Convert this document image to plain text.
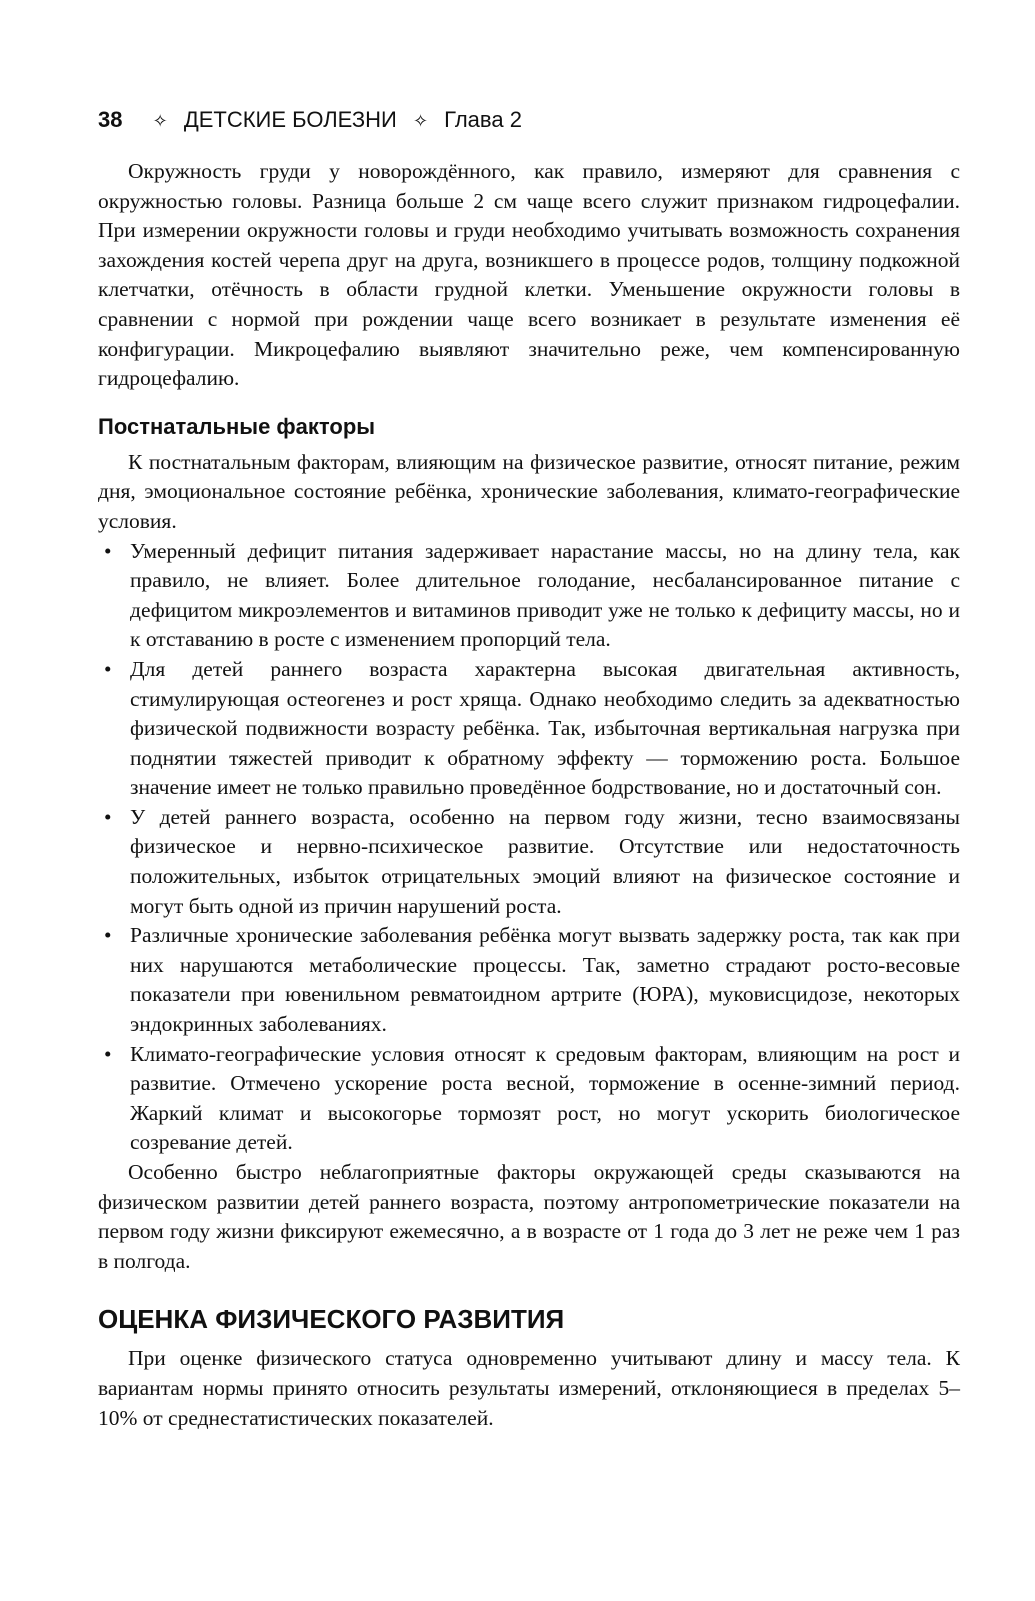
38 ✧ ДЕТСКИЕ БОЛЕЗНИ ✧ Глава 2

Окружность груди у новорождённого, как правило, измеряют для сравнения с окружностью головы. Разница больше 2 см чаще всего служит признаком гидроцефалии. При измерении окружности головы и груди необходимо учитывать возможность сохранения захождения костей черепа друг на друга, возникшего в процессе родов, толщину подкожной клетчатки, отёчность в области грудной клетки. Уменьшение окружности головы в сравнении с нормой при рождении чаще всего возникает в результате изменения её конфигурации. Микроцефалию выявляют значительно реже, чем компенсированную гидроцефалию.

Постнатальные факторы

К постнатальным факторам, влияющим на физическое развитие, относят питание, режим дня, эмоциональное состояние ребёнка, хронические заболевания, климато-географические условия.

• Умеренный дефицит питания задерживает нарастание массы, но на длину тела, как правило, не влияет. Более длительное голодание, несбалансированное питание с дефицитом микроэлементов и витаминов приводит уже не только к дефициту массы, но и к отставанию в росте с изменением пропорций тела.
• Для детей раннего возраста характерна высокая двигательная активность, стимулирующая остеогенез и рост хряща. Однако необходимо следить за адекватностью физической подвижности возрасту ребёнка. Так, избыточная вертикальная нагрузка при поднятии тяжестей приводит к обратному эффекту — торможению роста. Большое значение имеет не только правильно проведённое бодрствование, но и достаточный сон.
• У детей раннего возраста, особенно на первом году жизни, тесно взаимосвязаны физическое и нервно-психическое развитие. Отсутствие или недостаточность положительных, избыток отрицательных эмоций влияют на физическое состояние и могут быть одной из причин нарушений роста.
• Различные хронические заболевания ребёнка могут вызвать задержку роста, так как при них нарушаются метаболические процессы. Так, заметно страдают росто-весовые показатели при ювенильном ревматоидном артрите (ЮРА), муковисцидозе, некоторых эндокринных заболеваниях.
• Климато-географические условия относят к средовым факторам, влияющим на рост и развитие. Отмечено ускорение роста весной, торможение в осенне-зимний период. Жаркий климат и высокогорье тормозят рост, но могут ускорить биологическое созревание детей.

Особенно быстро неблагоприятные факторы окружающей среды сказываются на физическом развитии детей раннего возраста, поэтому антропометрические показатели на первом году жизни фиксируют ежемесячно, а в возрасте от 1 года до 3 лет не реже чем 1 раз в полгода.

ОЦЕНКА ФИЗИЧЕСКОГО РАЗВИТИЯ

При оценке физического статуса одновременно учитывают длину и массу тела. К вариантам нормы принято относить результаты измерений, отклоняющиеся в пределах 5–10% от среднестатистических показателей.
